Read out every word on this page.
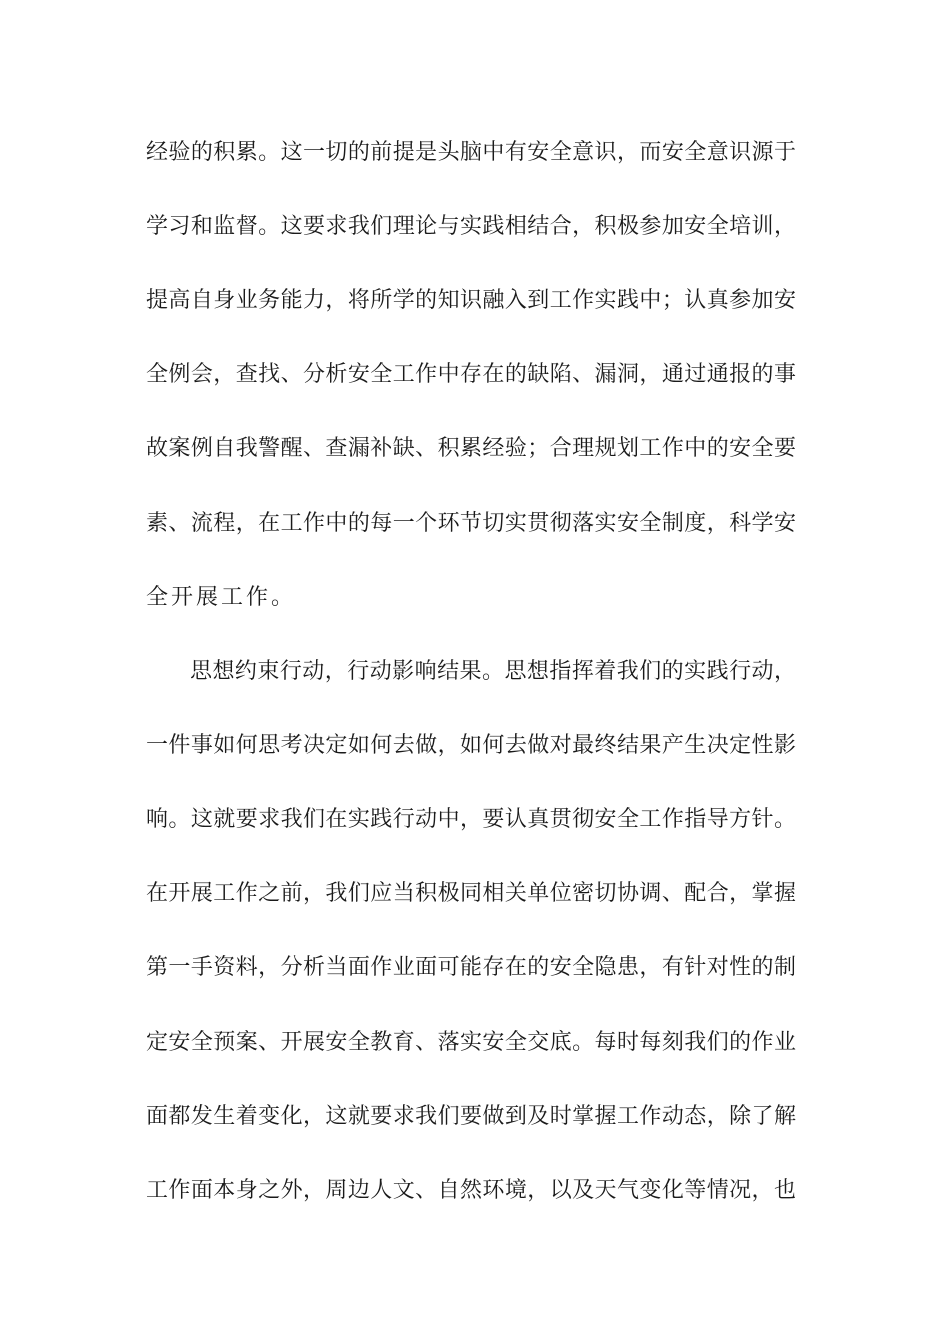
经验的积累。这一切的前提是头脑中有安全意识，而安全意识源于
学习和监督。这要求我们理论与实践相结合，积极参加安全培训，
提高自身业务能力，将所学的知识融入到工作实践中；认真参加安
全例会，查找、分析安全工作中存在的缺陷、漏洞，通过通报的事
故案例自我警醒、查漏补缺、积累经验；合理规划工作中的安全要
素、流程，在工作中的每一个环节切实贯彻落实安全制度，科学安
全开展工作。
思想约束行动，行动影响结果。思想指挥着我们的实践行动，
一件事如何思考决定如何去做，如何去做对最终结果产生决定性影
响。这就要求我们在实践行动中，要认真贯彻安全工作指导方针。
在开展工作之前，我们应当积极同相关单位密切协调、配合，掌握
第一手资料，分析当面作业面可能存在的安全隐患，有针对性的制
定安全预案、开展安全教育、落实安全交底。每时每刻我们的作业
面都发生着变化，这就要求我们要做到及时掌握工作动态，除了解
工作面本身之外，周边人文、自然环境，以及天气变化等情况，也
